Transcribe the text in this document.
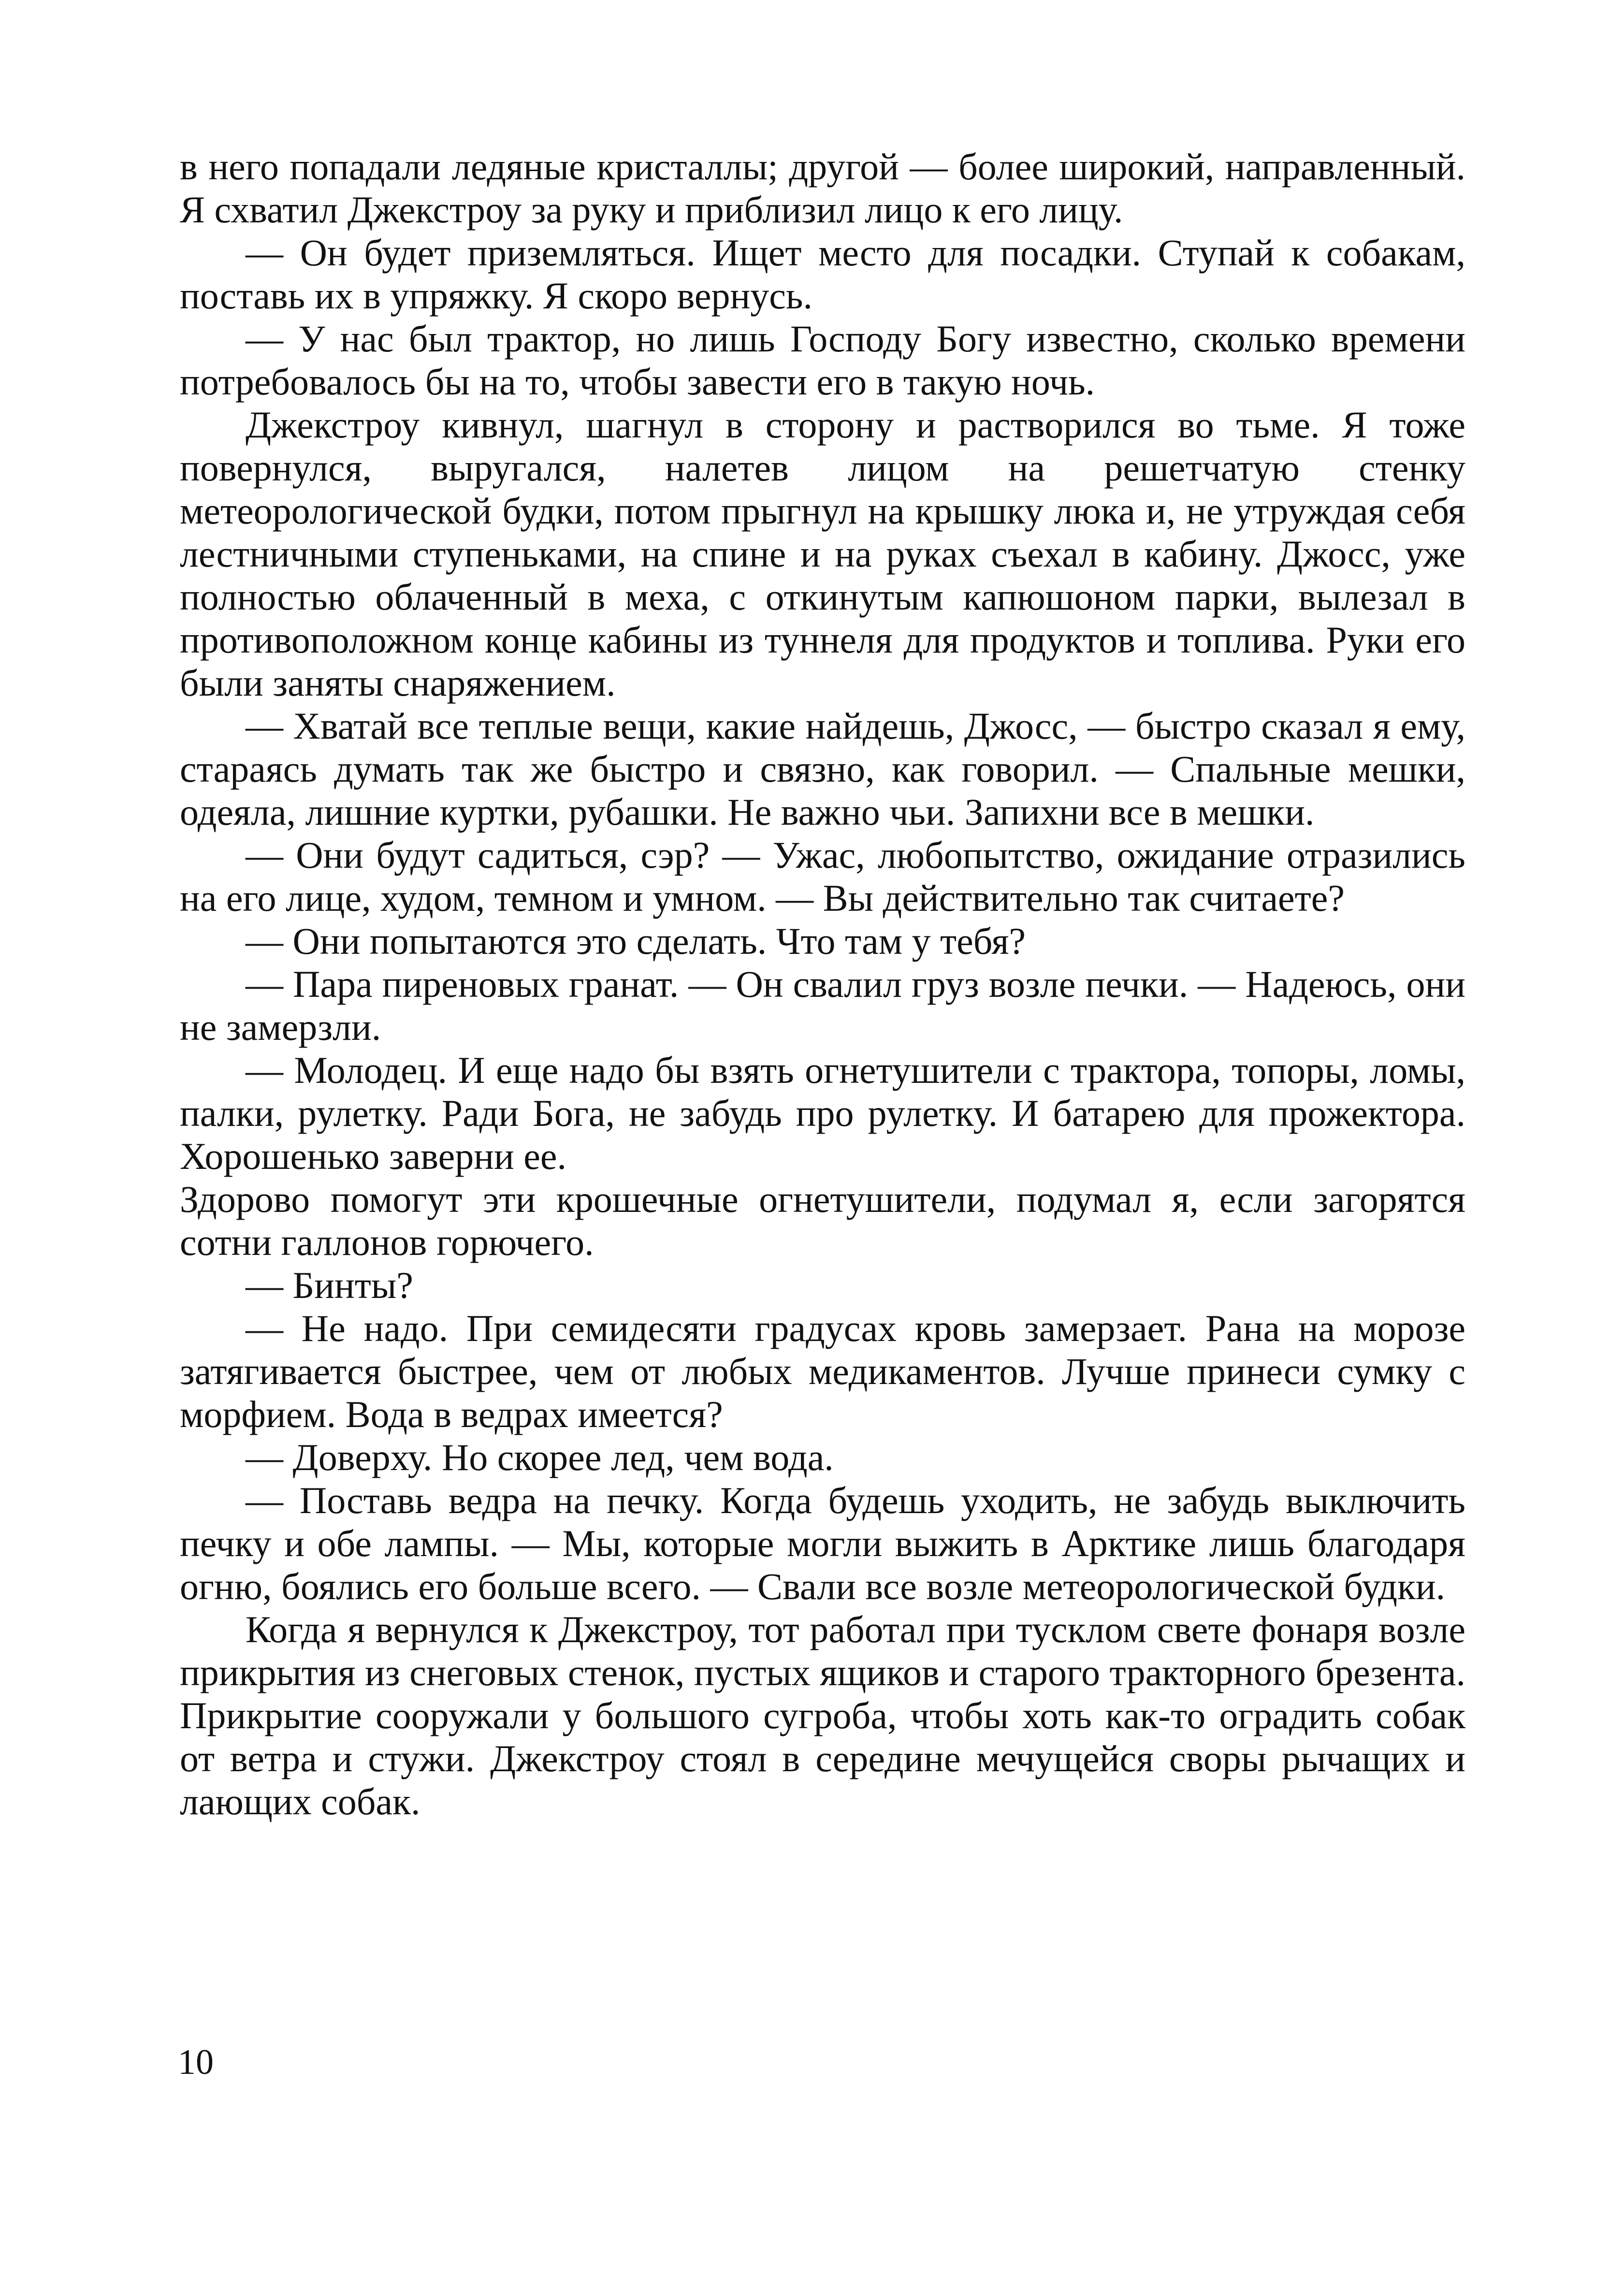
в него попадали ледяные кристаллы; другой — более широкий, направленный. Я схватил Джекстроу за руку и приблизил лицо к его лицу.

— Он будет приземляться. Ищет место для посадки. Ступай к собакам, поставь их в упряжку. Я скоро вернусь.

— У нас был трактор, но лишь Господу Богу известно, сколько времени потребовалось бы на то, чтобы завести его в такую ночь.

Джекстроу кивнул, шагнул в сторону и растворился во тьме. Я тоже повернулся, выругался, налетев лицом на решетчатую стенку метеорологической будки, потом прыгнул на крышку люка и, не утруждая себя лестничными ступеньками, на спине и на руках съехал в кабину. Джосс, уже полностью облаченный в меха, с откинутым капюшоном парки, вылезал в противоположном конце кабины из туннеля для продуктов и топлива. Руки его были заняты снаряжением.

— Хватай все теплые вещи, какие найдешь, Джосс, — быстро сказал я ему, стараясь думать так же быстро и связно, как говорил. — Спальные мешки, одеяла, лишние куртки, рубашки. Не важно чьи. Запихни все в мешки.

— Они будут садиться, сэр? — Ужас, любопытство, ожидание отразились на его лице, худом, темном и умном. — Вы действительно так считаете?

— Они попытаются это сделать. Что там у тебя?

— Пара пиреновых гранат. — Он свалил груз возле печки. — Надеюсь, они не замерзли.

— Молодец. И еще надо бы взять огнетушители с трактора, топоры, ломы, палки, рулетку. Ради Бога, не забудь про рулетку. И батарею для прожектора. Хорошенько заверни ее.

Здорово помогут эти крошечные огнетушители, подумал я, если загорятся сотни галлонов горючего.

— Бинты?

— Не надо. При семидесяти градусах кровь замерзает. Рана на морозе затягивается быстрее, чем от любых медикаментов. Лучше принеси сумку с морфием. Вода в ведрах имеется?

— Доверху. Но скорее лед, чем вода.

— Поставь ведра на печку. Когда будешь уходить, не забудь выключить печку и обе лампы. — Мы, которые могли выжить в Арктике лишь благодаря огню, боялись его больше всего. — Свали все возле метеорологической будки.

Когда я вернулся к Джекстроу, тот работал при тусклом свете фонаря возле прикрытия из снеговых стенок, пустых ящиков и старого тракторного брезента. Прикрытие сооружали у большого сугроба, чтобы хоть как-то оградить собак от ветра и стужи. Джекстроу стоял в середине мечущейся своры рычащих и лающих собак.

10
